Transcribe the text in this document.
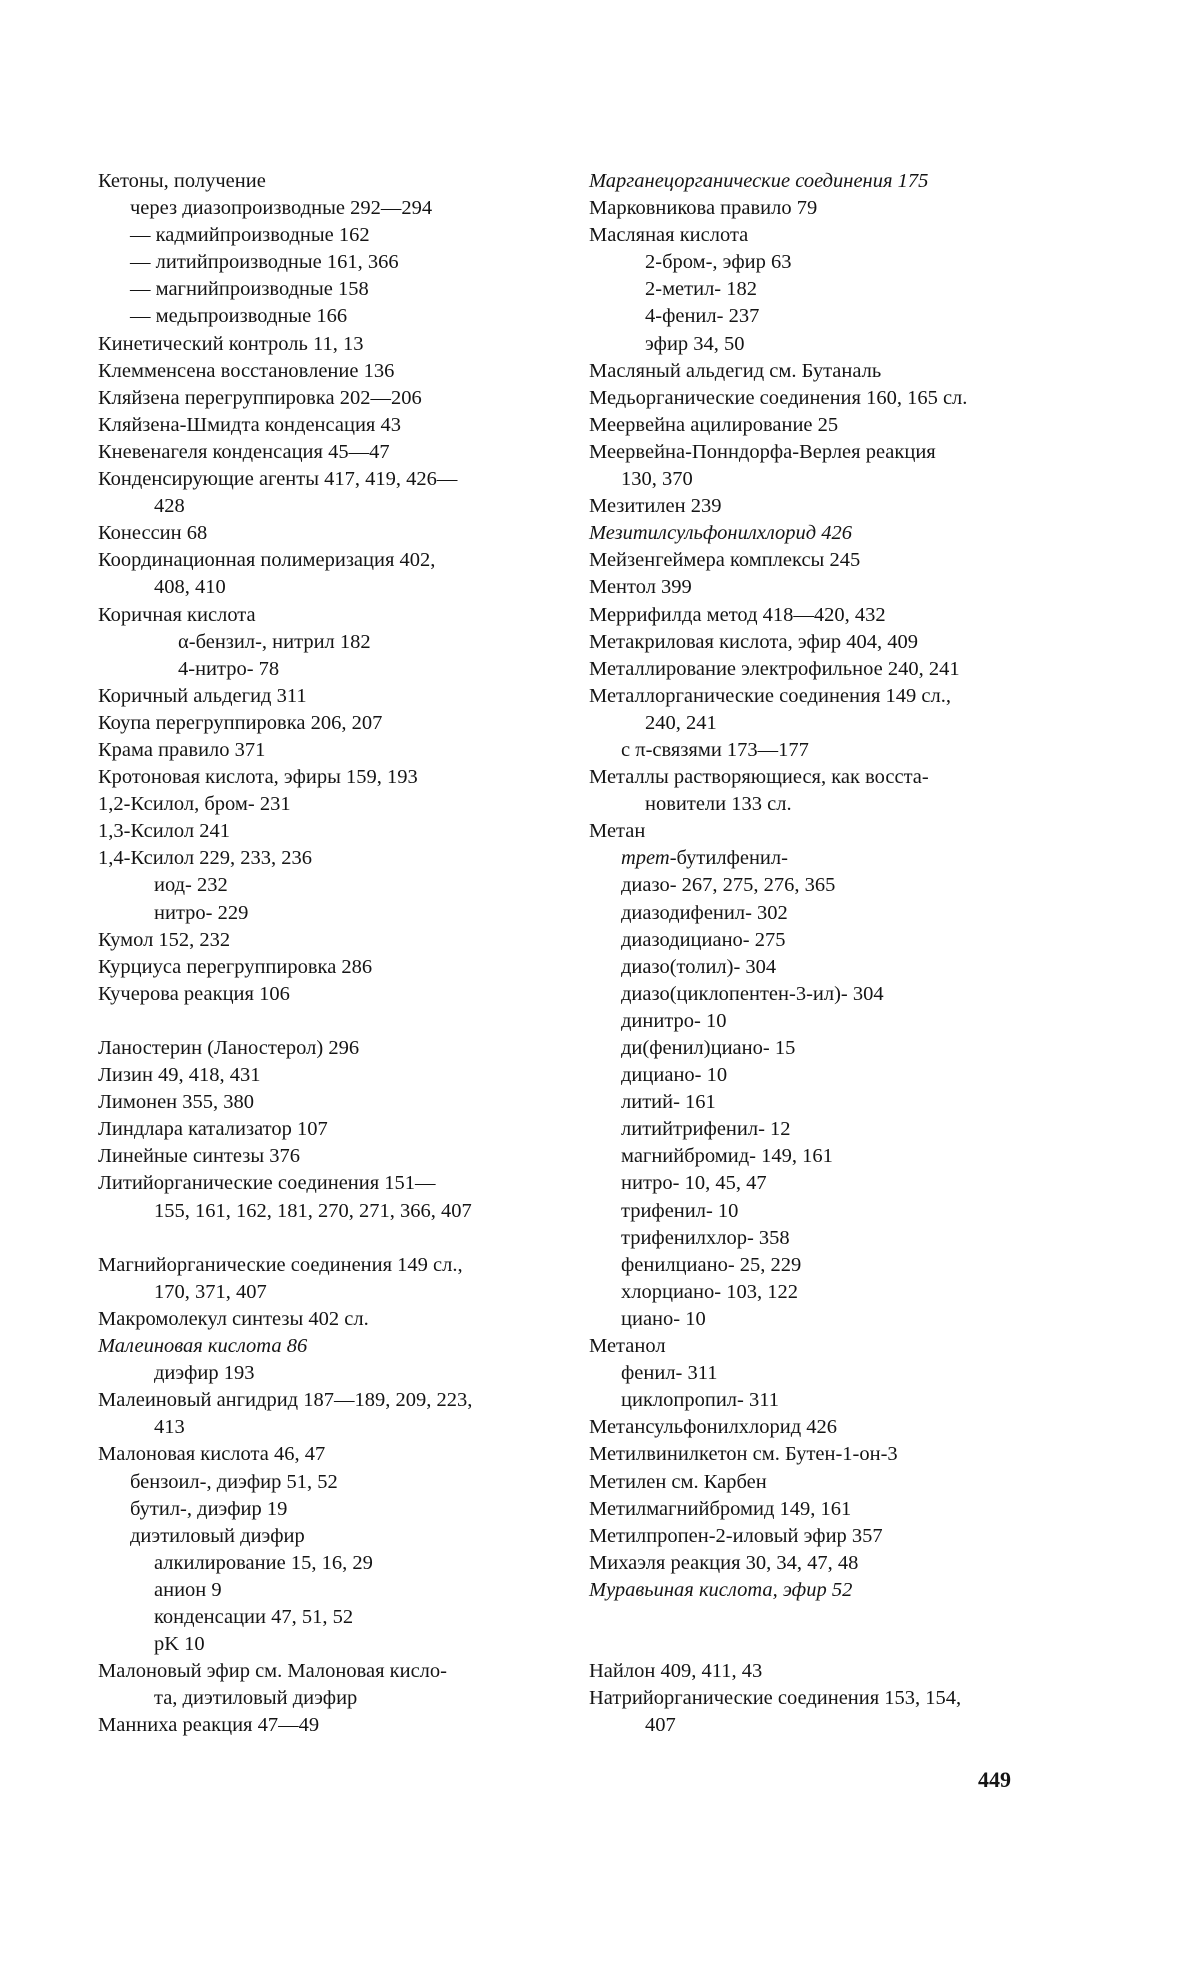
Кетоны, получение
через диазопроизводные 292—294
— кадмийпроизводные 162
— литийпроизводные 161, 366
— магнийпроизводные 158
— медьпроизводные 166
Кинетический контроль 11, 13
Клемменсена восстановление 136
Кляйзена перегруппировка 202—206
Кляйзена-Шмидта конденсация 43
Кневенагеля конденсация 45—47
Конденсирующие агенты 417, 419, 426—
428
Конессин 68
Координационная полимеризация 402,
408, 410
Коричная кислота
α-бензил-, нитрил 182
4-нитро- 78
Коричный альдегид 311
Коупа перегруппировка 206, 207
Крама правило 371
Кротоновая кислота, эфиры 159, 193
1,2-Ксилол, бром- 231
1,3-Ксилол 241
1,4-Ксилол 229, 233, 236
иод- 232
нитро- 229
Кумол 152, 232
Курциуса перегруппировка 286
Кучерова реакция 106
Ланостерин (Ланостерол) 296
Лизин 49, 418, 431
Лимонен 355, 380
Линдлара катализатор 107
Линейные синтезы 376
Литийорганические соединения 151—
155, 161, 162, 181, 270, 271, 366, 407
Магнийорганические соединения 149 сл.,
170, 371, 407
Макромолекул синтезы 402 сл.
Малеиновая кислота 86
диэфир 193
Малеиновый ангидрид 187—189, 209, 223,
413
Малоновая кислота 46, 47
бензоил-, диэфир 51, 52
бутил-, диэфир 19
диэтиловый диэфир
алкилирование 15, 16, 29
анион 9
конденсации 47, 51, 52
pK 10
Малоновый эфир см. Малоновая кисло-
та, диэтиловый диэфир
Манниха реакция 47—49
Марганецорганические соединения 175
Марковникова правило 79
Масляная кислота
2-бром-, эфир 63
2-метил- 182
4-фенил- 237
эфир 34, 50
Масляный альдегид см. Бутаналь
Медьорганические соединения 160, 165 сл.
Меервейна ацилирование 25
Меервейна-Понндорфа-Верлея реакция
130, 370
Мезитилен 239
Мезитилсульфонилхлорид 426
Мейзенгеймера комплексы 245
Ментол 399
Меррифилда метод 418—420, 432
Метакриловая кислота, эфир 404, 409
Металлирование электрофильное 240, 241
Металлорганические соединения 149 сл.,
240, 241
с π-связями 173—177
Металлы растворяющиеся, как восста-
новители 133 сл.
Метан
трет-бутилфенил-
диазо- 267, 275, 276, 365
диазодифенил- 302
диазодициано- 275
диазо(толил)- 304
диазо(циклопентен-3-ил)- 304
динитро- 10
ди(фенил)циано- 15
дициано- 10
литий- 161
литийтрифенил- 12
магнийбромид- 149, 161
нитро- 10, 45, 47
трифенил- 10
трифенилхлор- 358
фенилциано- 25, 229
хлорциано- 103, 122
циано- 10
Метанол
фенил- 311
циклопропил- 311
Метансульфонилхлорид 426
Метилвинилкетон см. Бутен-1-он-3
Метилен см. Карбен
Метилмагнийбромид 149, 161
Метилпропен-2-иловый эфир 357
Михаэля реакция 30, 34, 47, 48
Муравьиная кислота, эфир 52
Найлон 409, 411, 43
Натрийорганические соединения 153, 154,
407
449
